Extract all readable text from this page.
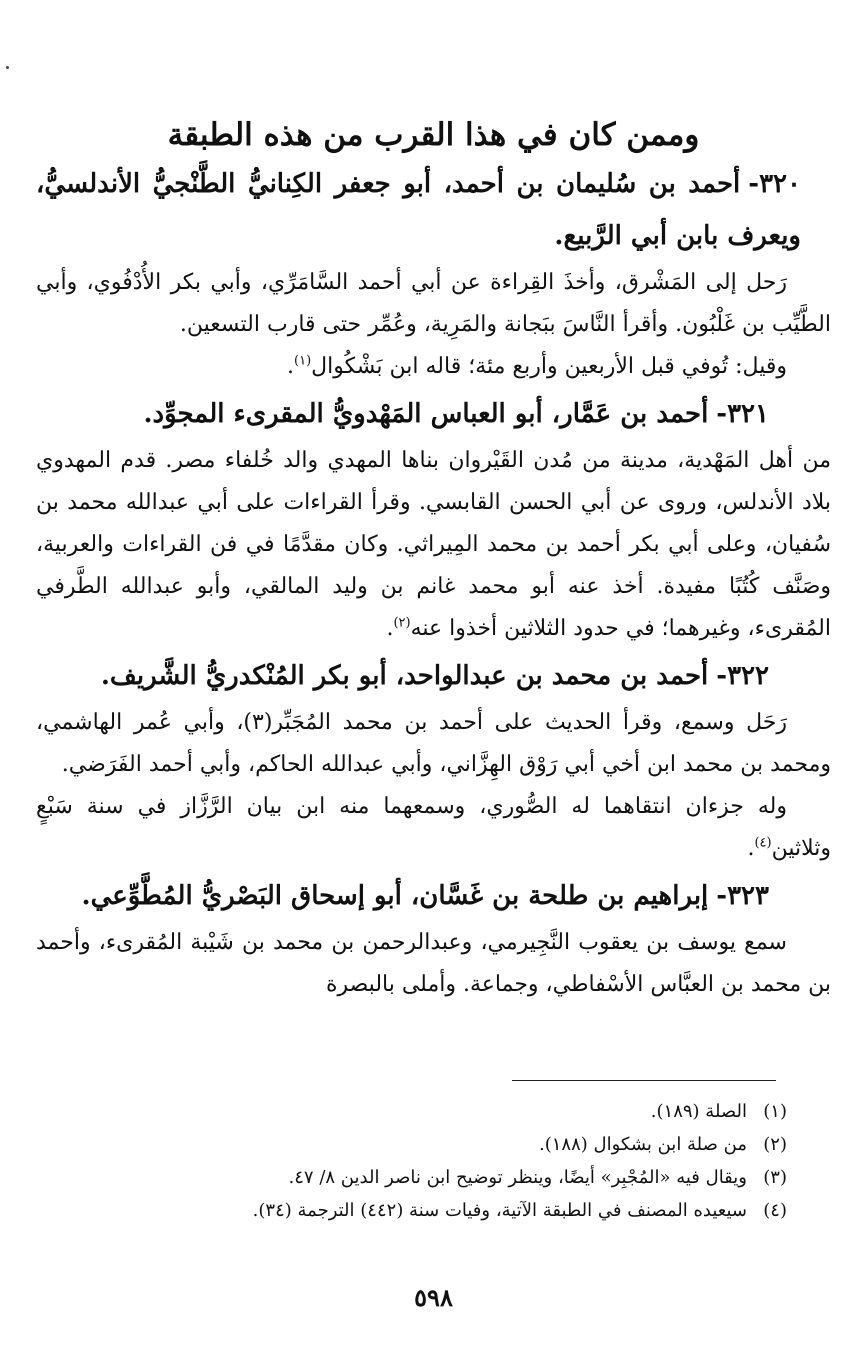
وممن كان في هذا القرب من هذه الطبقة

٣٢٠-أحمد بن سُليمان بن أحمد، أبو جعفر الكِنانيُّ الطَّنْجيُّ الأندلسيُّ، ويعرف بابن أبي الرَّبيع.

رَحل إلى المَشْرق، وأخذَ القِراءة عن أبي أحمد السَّامَرِّي، وأبي بكر الأُدْفُوي، وأبي الطَّيِّب بن غَلْبُون. وأقرأ النَّاسَ ببَجانة والمَرِية، وعُمِّر حتى قارب التسعين.

وقيل: تُوفي قبل الأربعين وأربع مئة؛ قاله ابن بَشْكُوال$^{(١)}$.

٣٢١-أحمد بن عَمَّار، أبو العباس المَهْدويُّ المقرىء المجوِّد.

من أهل المَهْدية، مدينة من مُدن القَيْروان بناها المهدي والد خُلفاء مصر. قدم المهدوي بلاد الأندلس، وروى عن أبي الحسن القابسي. وقرأ القراءات على أبي عبدالله محمد بن سُفيان، وعلى أبي بكر أحمد بن محمد المِيراثي. وكان مقدَّمًا في فن القراءات والعربية، وصَنَّف كُتُبًا مفيدة. أخذ عنه أبو محمد غانم بن وليد المالقي، وأبو عبدالله الطَّرفي المُقرىء، وغيرهما؛ في حدود الثلاثين أخذوا عنه$^{(٢)}$.

٣٢٢-أحمد بن محمد بن عبدالواحد، أبو بكر المُنْكدريُّ الشَّريف.

رَحَل وسمع، وقرأ الحديث على أحمد بن محمد المُجَبِّر(٣)، وأبي عُمر الهاشمي، ومحمد بن محمد ابن أخي أبي رَوْق الهِزَّاني، وأبي عبدالله الحاكم، وأبي أحمد الفَرَضي.

وله جزءان انتقاهما له الصُّوري، وسمعهما منه ابن بيان الرَّزَّاز في سنة سَبْعٍ وثلاثين$^{(٤)}$.

٣٢٣-إبراهيم بن طلحة بن غَسَّان، أبو إسحاق البَصْريُّ المُطَّوِّعي.

سمع يوسف بن يعقوب النَّجِيرمي، وعبدالرحمن بن محمد بن شَيْبة المُقرىء، وأحمد بن محمد بن العبَّاس الأسْفاطي، وجماعة. وأملى بالبصرة

(١)الصلة (١٨٩).

(٢)من صلة ابن بشكوال (١٨٨).

(٣)ويقال فيه «المُجْبِر» أيضًا، وينظر توضيح ابن ناصر الدين ٨/ ٤٧.

(٤)سيعيده المصنف في الطبقة الآتية، وفيات سنة (٤٤٢) الترجمة (٣٤).

٥٩٨
